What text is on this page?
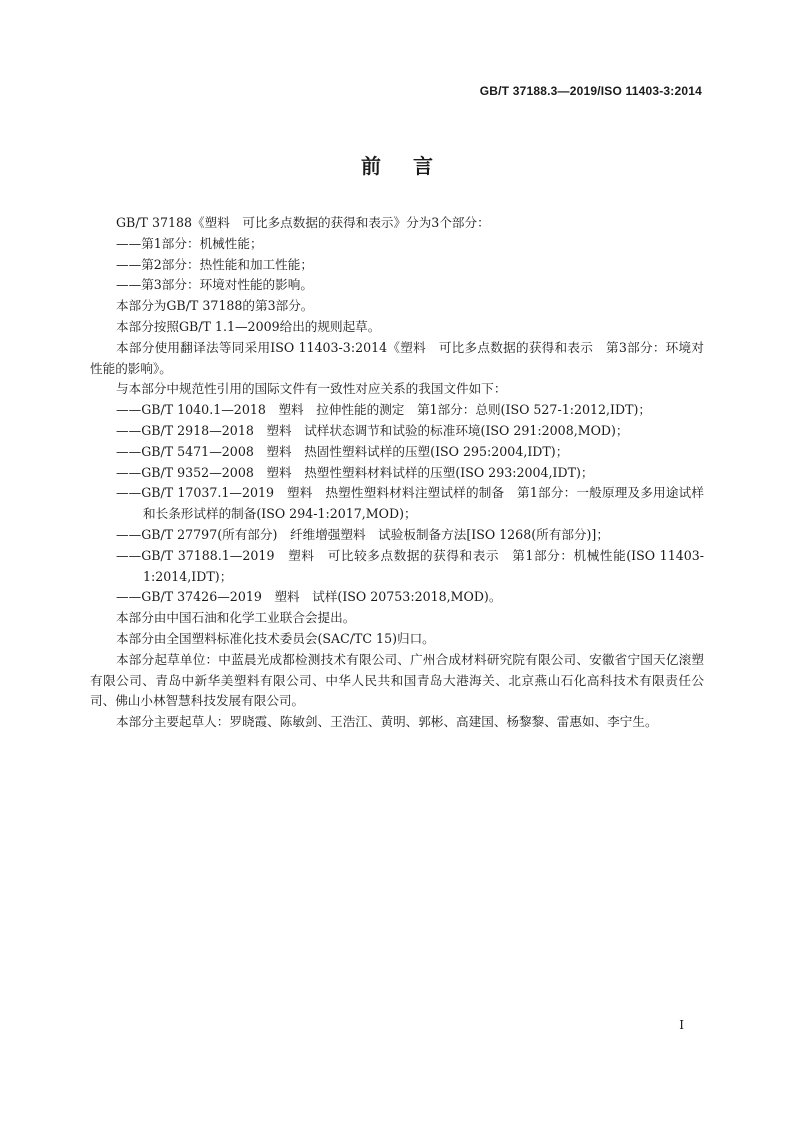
GB/T 37188.3—2019/ISO 11403-3:2014
前言

GB/T 37188《塑料　可比多点数据的获得和表示》分为3个部分：

——第1部分：机械性能；

——第2部分：热性能和加工性能；

——第3部分：环境对性能的影响。

本部分为GB/T 37188的第3部分。

本部分按照GB/T 1.1—2009给出的规则起草。

本部分使用翻译法等同采用ISO 11403-3:2014《塑料　可比多点数据的获得和表示　第3部分：环境对性能的影响》。

与本部分中规范性引用的国际文件有一致性对应关系的我国文件如下：

——GB/T 1040.1—2018　塑料　拉伸性能的测定　第1部分：总则(ISO 527-1:2012,IDT)；

——GB/T 2918—2018　塑料　试样状态调节和试验的标准环境(ISO 291:2008,MOD)；

——GB/T 5471—2008　塑料　热固性塑料试样的压塑(ISO 295:2004,IDT)；

——GB/T 9352—2008　塑料　热塑性塑料材料试样的压塑(ISO 293:2004,IDT)；

——GB/T 17037.1—2019　塑料　热塑性塑料材料注塑试样的制备　第1部分：一般原理及多用途试样和长条形试样的制备(ISO 294-1:2017,MOD)；

——GB/T 27797(所有部分)　纤维增强塑料　试验板制备方法[ISO 1268(所有部分)]；

——GB/T 37188.1—2019　塑料　可比较多点数据的获得和表示　第1部分：机械性能(ISO 11403-1:2014,IDT)；

——GB/T 37426—2019　塑料　试样(ISO 20753:2018,MOD)。

本部分由中国石油和化学工业联合会提出。

本部分由全国塑料标准化技术委员会(SAC/TC 15)归口。

本部分起草单位：中蓝晨光成都检测技术有限公司、广州合成材料研究院有限公司、安徽省宁国天亿滚塑有限公司、青岛中新华美塑料有限公司、中华人民共和国青岛大港海关、北京燕山石化高科技术有限责任公司、佛山小林智慧科技发展有限公司。

本部分主要起草人：罗晓霞、陈敏剑、王浩江、黄明、郭彬、高建国、杨黎黎、雷惠如、李宁生。

I
